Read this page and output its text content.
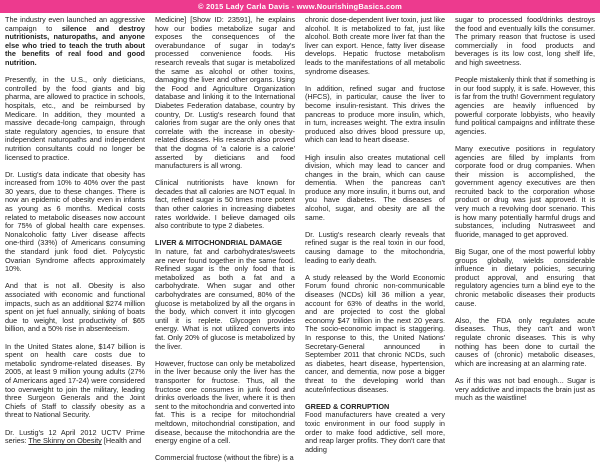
© 2015 Lady Carla Davis - www.NourishingBasics.com

The industry even launched an aggressive campaign to silence and destroy nutritionists, naturopaths, and anyone else who tried to teach the truth about the benefits of real food and good nutrition.

Presently, in the U.S., only dieticians, controlled by the food giants and big pharma, are allowed to practice in schools, hospitals, etc., and be reimbursed by Medicare. In addition, they mounted a massive decade-long campaign, through state regulatory agencies, to ensure that independent naturopaths and independent nutrition consultants could no longer be licensed to practice.

Dr. Lustig's data indicate that obesity has increased from 10% to 40% over the past 30 years, due to these changes. There is now an epidemic of obesity even in infants as young as 6 months. Medical costs related to metabolic diseases now account for 75% of global health care expenses. Nonalcoholic fatty Liver disease affects one-third (33%) of Americans consuming the standard junk food diet. Polycystic Ovarian Syndrome affects approximately 10%.

And that is not all. Obesity is also associated with economic and functional impacts, such as an additional $274 million spent on jet fuel annually, sinking of boats due to weight, lost productivity of $65 billion, and a 50% rise in absenteeism.

In the United States alone, $147 billion is spent on health care costs due to metabolic syndrome-related diseases. By 2005, at least 9 million young adults (27% of Americans aged 17-24) were considered too overweight to join the military, leading three Surgeon Generals and the Joint Chiefs of Staff to classify obesity as a threat to National Security.

Dr. Lustig's 12 April 2012 UCTV Prime series: The Skinny on Obesity [Health and

Medicine] [Show ID: 23591], he explains how our bodies metabolize sugar and exposes the consequences of the overabundance of sugar in today's processed convenience foods. His research reveals that sugar is metabolized the same as alcohol or other toxins, damaging the liver and other organs. Using the Food and Agriculture Organization database and linking it to the International Diabetes Federation database, country by country, Dr. Lustig's research found that calories from sugar are the only ones that correlate with the increase in obesity-related diseases. His research also proved that the dogma of 'a calorie is a calorie' asserted by dieticians and food manufacturers is all wrong.

Clinical nutritionists have known for decades that all calories are NOT equal. In fact, refined sugar is 50 times more potent than other calories in increasing diabetes rates worldwide. I believe damaged oils also contribute to type 2 diabetes.

LIVER & MITOCHONDRIAL DAMAGE

In nature, fat and carbohydrates/sweets are never found together in the same food. Refined sugar is the only food that is metabolized as both a fat and a carbohydrate. When sugar and other carbohydrates are consumed, 80% of the glucose is metabolized by all the organs in the body, which convert it into glycogen until it is replete. Glycogen provides energy. What is not utilized converts into fat. Only 20% of glucose is metabolized by the liver.

However, fructose can only be metabolized in the liver because only the liver has the transporter for fructose. Thus, all the fructose one consumes in junk food and drinks overloads the liver, where it is then sent to the mitochondria and converted into fat. This is a recipe for mitochondrial meltdown, mitochondrial constipation, and disease, because the mitochondria are the energy engine of a cell.

Commercial fructose (without the fibre) is a

chronic dose-dependent liver toxin, just like alcohol. It is metabolized to fat, just like alcohol. Both create more liver fat than the liver can export. Hence, fatty liver disease develops. Hepatic fructose metabolism leads to the manifestations of all metabolic syndrome diseases.

In addition, refined sugar and fructose (HFCS), in particular, cause the liver to become insulin-resistant. This drives the pancreas to produce more insulin, which, in turn, increases weight. The extra insulin produced also drives blood pressure up, which can lead to heart disease.

High insulin also creates mutational cell division, which may lead to cancer and changes in the brain, which can cause dementia. When the pancreas can't produce any more insulin, it burns out, and you have diabetes. The diseases of alcohol, sugar, and obesity are all the same.

Dr. Lustig's research clearly reveals that refined sugar is the real toxin in our food, causing damage to the mitochondria, leading to early death.

A study released by the World Economic Forum found chronic non-communicable diseases (NCDs) kill 36 million a year, account for 63% of deaths in the world, and are projected to cost the global economy $47 trillion in the next 20 years. The socio-economic impact is staggering. In response to this, the United Nations' Secretary-General announced in September 2011 that chronic NCDs, such as diabetes, heart disease, hypertension, cancer, and dementia, now pose a bigger threat to the developing world than acute/infectious diseases.

GREED & CORRUPTION

Food manufacturers have created a very toxic environment in our food supply in order to make food addictive, sell more, and reap larger profits. They don't care that adding

sugar to processed food/drinks destroys the food and eventually kills the consumer. The primary reason that fructose is used commercially in food products and beverages is its low cost, long shelf life, and high sweetness.

People mistakenly think that if something is in our food supply, it is safe. However, this is far from the truth! Government regulatory agencies are heavily influenced by powerful corporate lobbyists, who heavily fund political campaigns and infiltrate these agencies.

Many executive positions in regulatory agencies are filled by implants from corporate food or drug companies. When their mission is accomplished, the government agency executives are then recruited back to the corporation whose product or drug was just approved. It is very much a revolving door scenario. This is how many potentially harmful drugs and substances, including Nutrasweet and fluoride, managed to get approved.

Big Sugar, one of the most powerful lobby groups globally, wields considerable influence in dietary policies, securing product approval, and ensuring that regulatory agencies turn a blind eye to the chronic metabolic diseases their products cause.

Also, the FDA only regulates acute diseases. Thus, they can't and won't regulate chronic diseases. This is why nothing has been done to curtail the causes of (chronic) metabolic diseases, which are increasing at an alarming rate.

As if this was not bad enough... Sugar is very addictive and impacts the brain just as much as the waistline!
